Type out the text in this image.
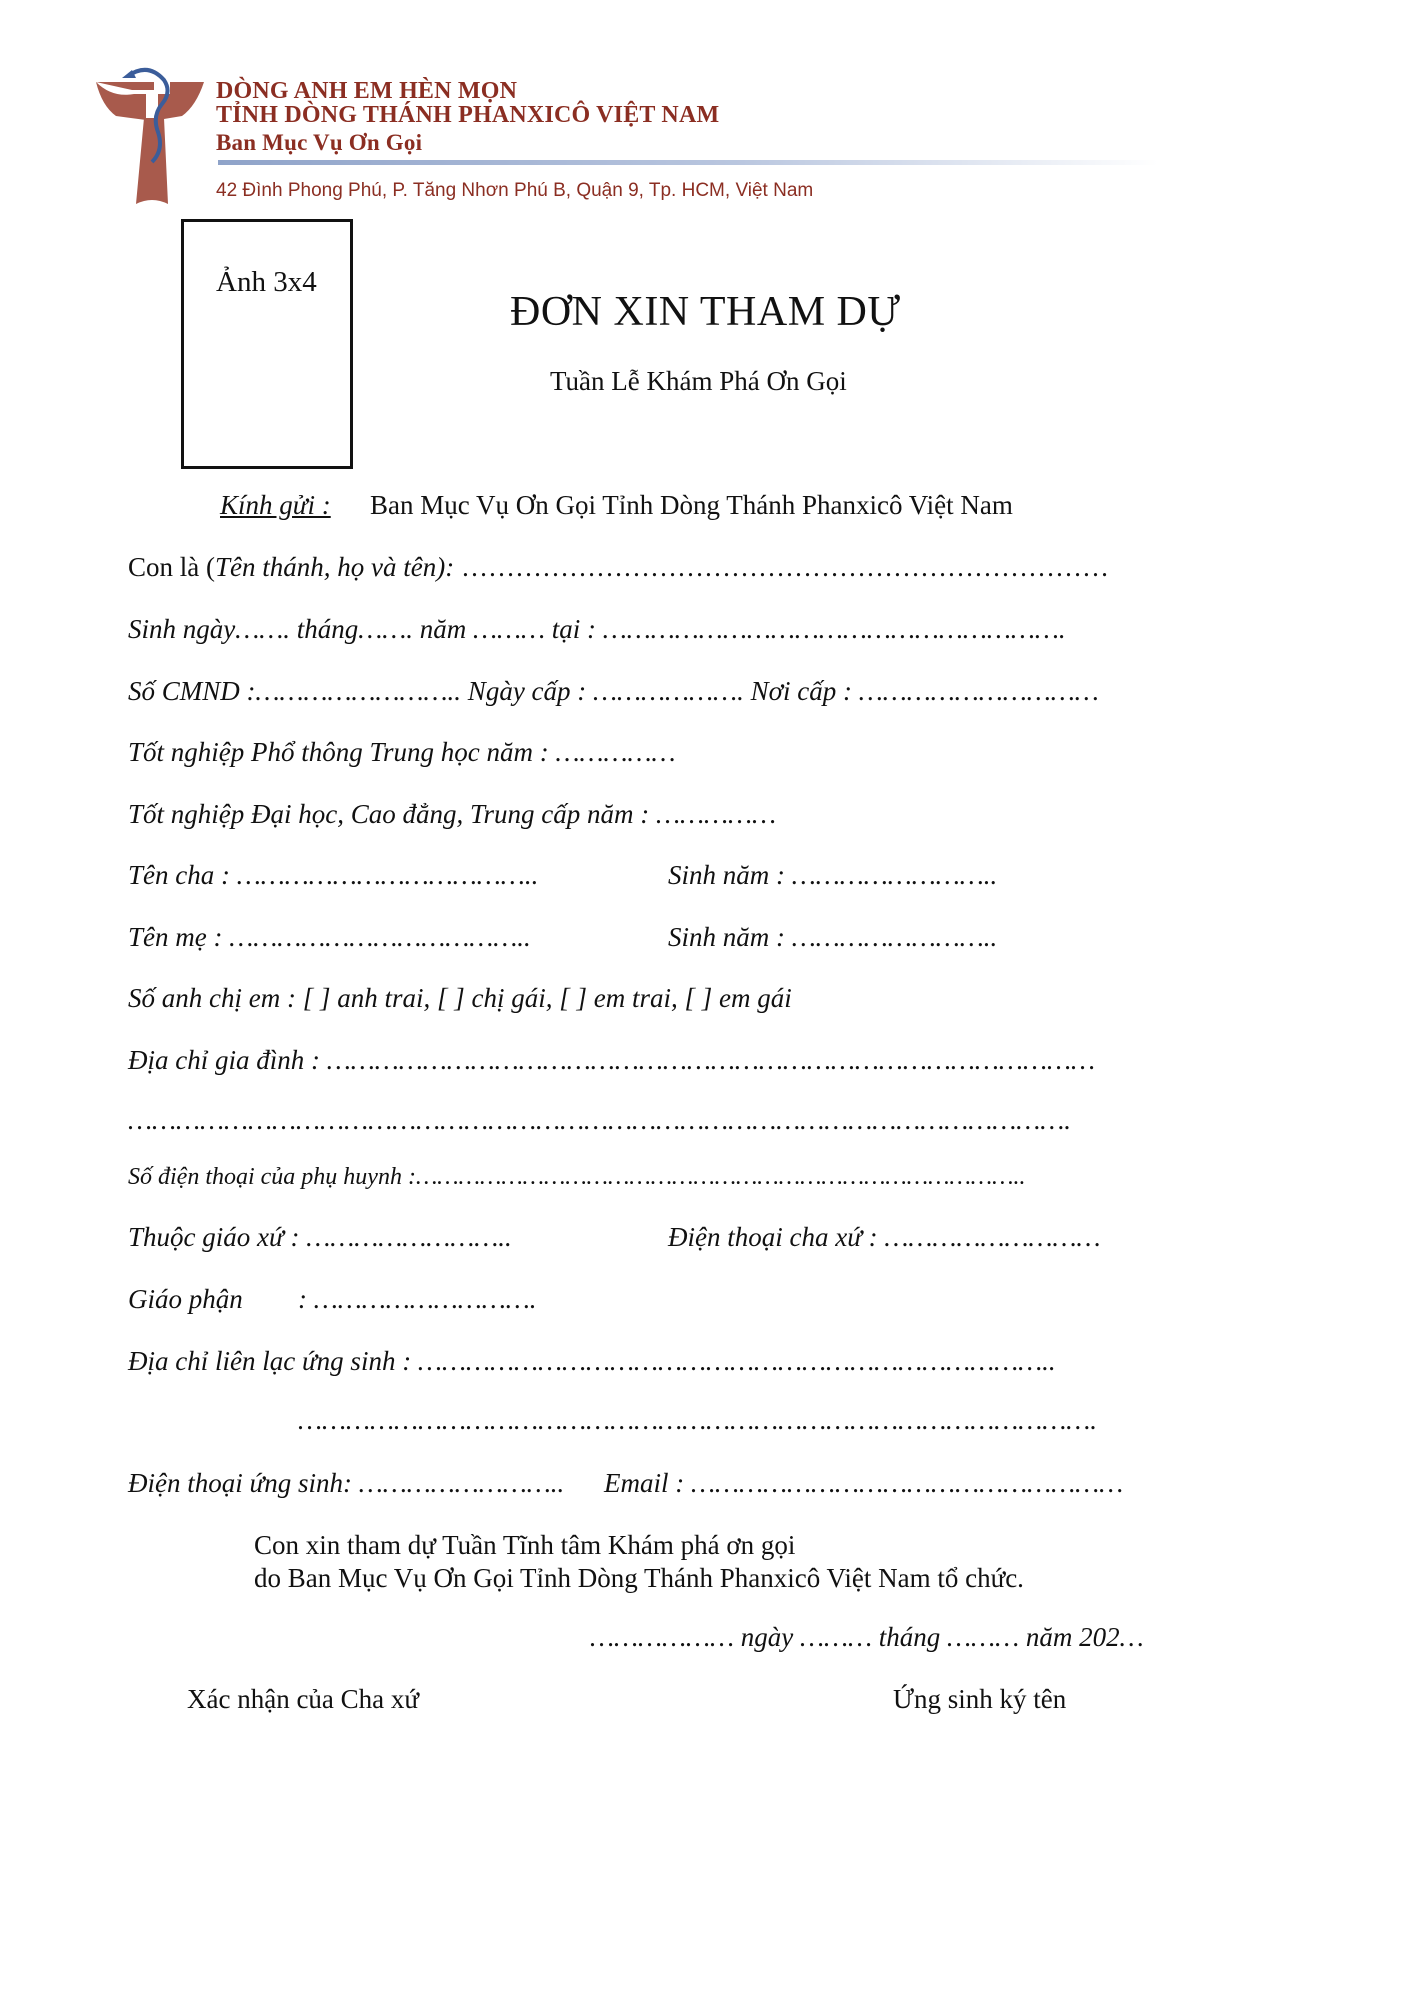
DÒNG ANH EM HÈN MỌN
TỈNH DÒNG THÁNH PHANXICÔ VIỆT NAM
Ban Mục Vụ Ơn Gọi
42 Đình Phong Phú, P. Tăng Nhơn Phú B, Quận 9, Tp. HCM, Việt Nam
Ảnh 3x4
ĐƠN XIN THAM DỰ
Tuần Lễ Khám Phá Ơn Gọi
Kính gửi : Ban Mục Vụ Ơn Gọi Tỉnh Dòng Thánh Phanxicô Việt Nam
Con là (Tên thánh, họ và tên): ………………………………………………………………
Sinh ngày……. tháng……. năm ……… tại : ………………………………………………….
Số CMND :…………………….. Ngày cấp : ………………. Nơi cấp : …………………………
Tốt nghiệp Phổ thông Trung học năm : ……………
Tốt nghiệp Đại học, Cao đẳng, Trung cấp năm : ……………
Tên cha : ………………………………..	Sinh năm : ……………………..
Tên mẹ : ………………………………..	Sinh năm : ……………………..
Số anh chị em : [ ] anh trai, [ ] chị gái, [ ] em trai, [ ] em gái
Địa chỉ gia đình : ……………………………………………………………………………………
……………………………………………………………………………………………………….
Số điện thoại của phụ huynh :…………………………………………………………………………..
Thuộc giáo xứ : ……………………..	Điện thoại cha xứ : ………………………
Giáo phận : ……………………….
Địa chỉ liên lạc ứng sinh : ……………………………………………………………………..
……………………………………………………………………………………….
Điện thoại ứng sinh: …………………….. Email : ………………………………………………
Con xin tham dự Tuần Tĩnh tâm Khám phá ơn gọi
do Ban Mục Vụ Ơn Gọi Tỉnh Dòng Thánh Phanxicô Việt Nam tổ chức.
……………… ngày ……… tháng ……… năm 202…
Xác nhận của Cha xứ	Ứng sinh ký tên
